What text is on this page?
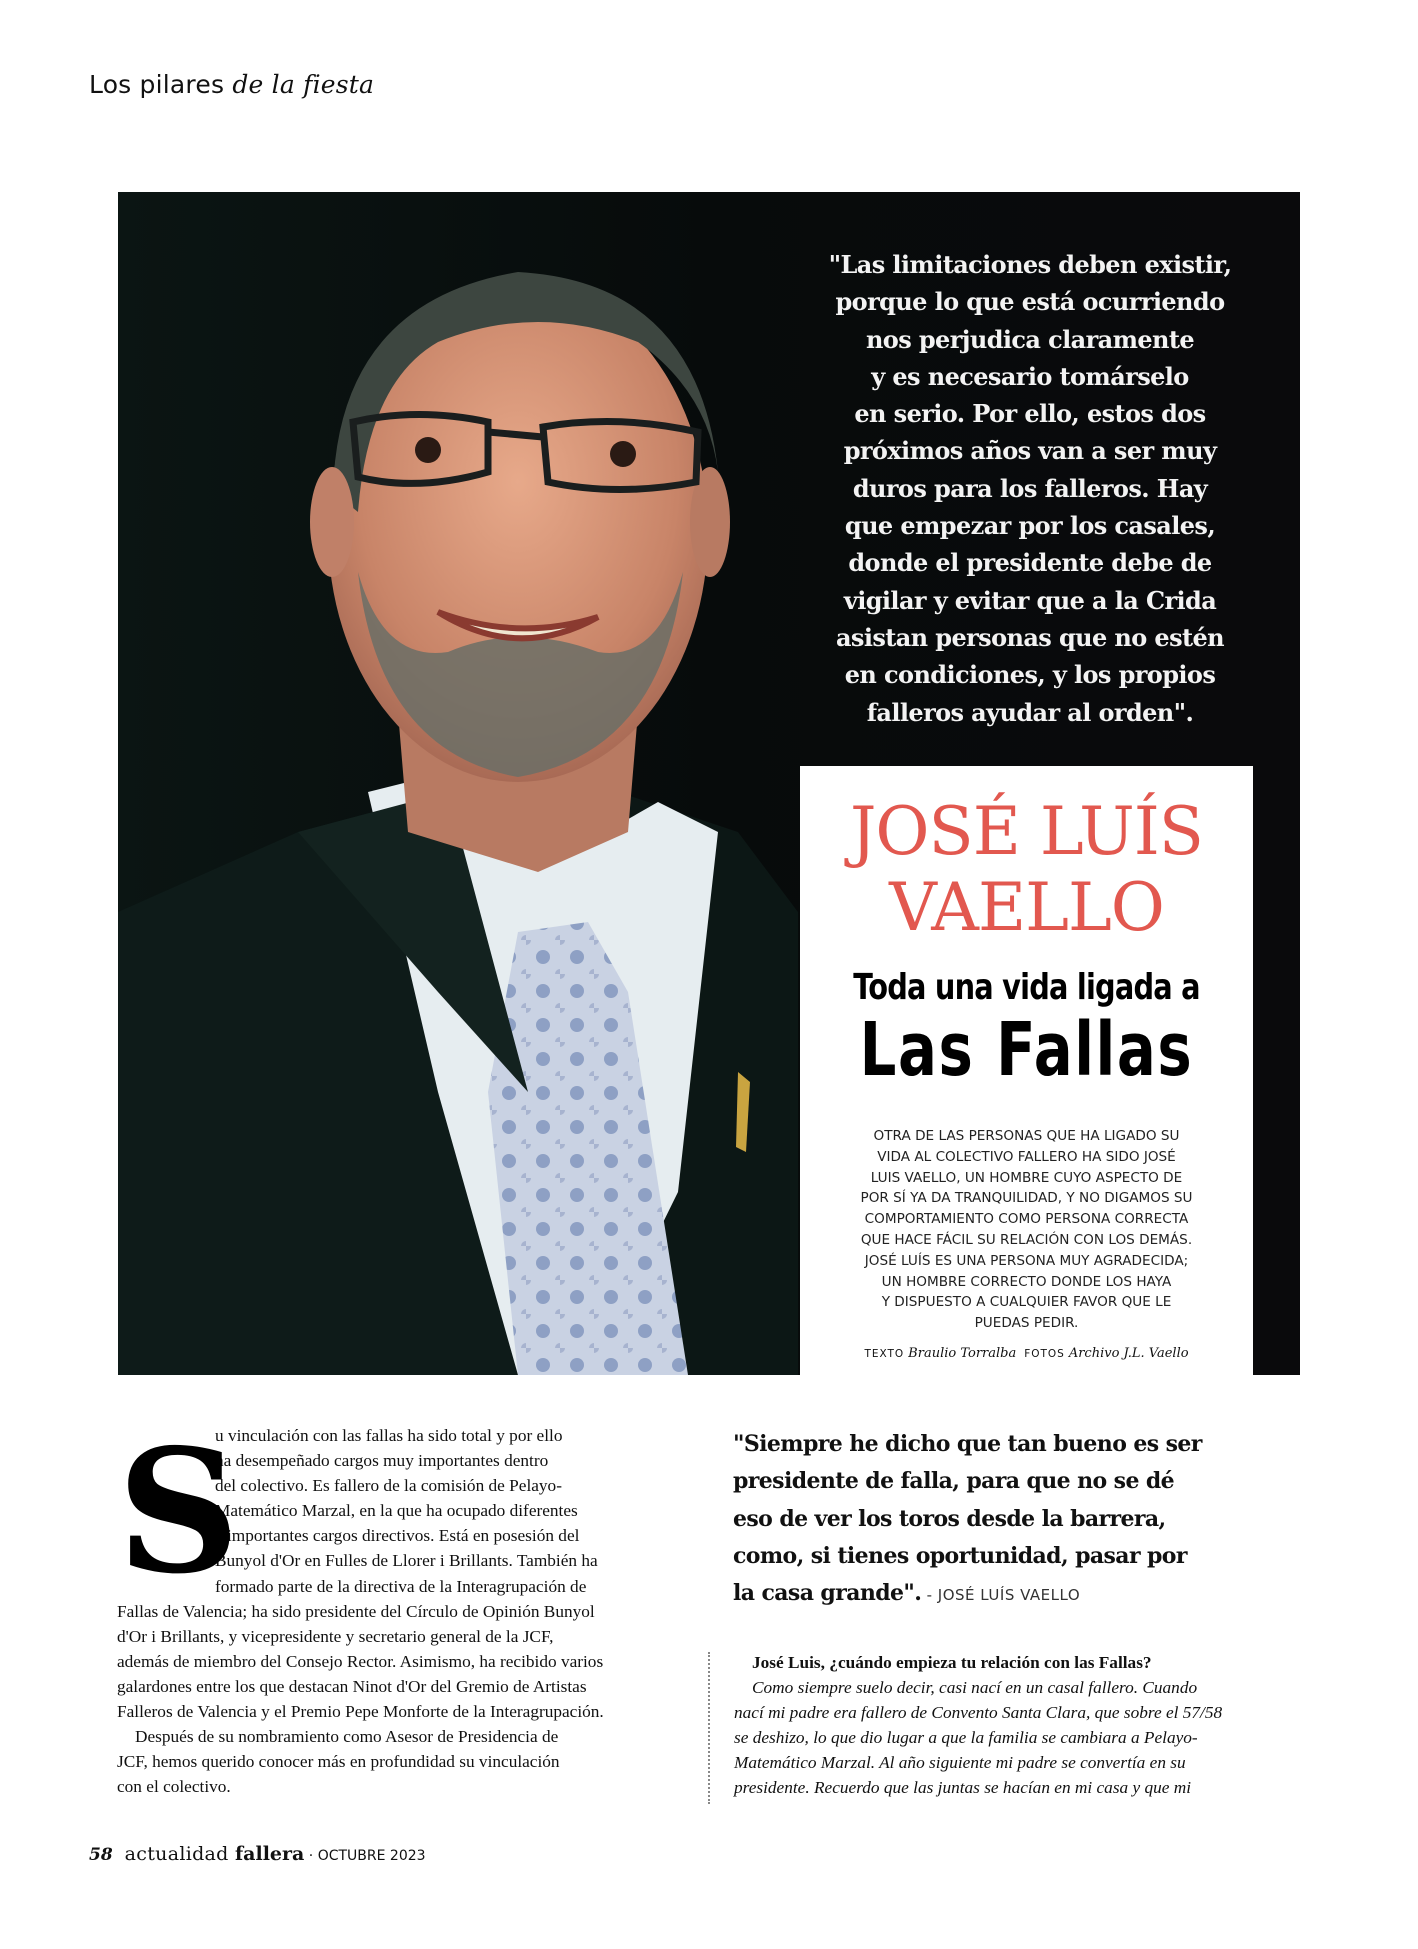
Los pilares de la fiesta
"Las limitaciones deben existir,
porque lo que está ocurriendo
nos perjudica claramente
y es necesario tomárselo
en serio. Por ello, estos dos
próximos años van a ser muy
duros para los falleros. Hay
que empezar por los casales,
donde el presidente debe de
vigilar y evitar que a la Crida
asistan personas que no estén
en condiciones, y los propios
falleros ayudar al orden".
JOSÉ LUÍS
VAELLO
Toda una vida ligada a
Las Fallas
OTRA DE LAS PERSONAS QUE HA LIGADO SU
VIDA AL COLECTIVO FALLERO HA SIDO JOSÉ
LUIS VAELLO, UN HOMBRE CUYO ASPECTO DE
POR SÍ YA DA TRANQUILIDAD, Y NO DIGAMOS SU
COMPORTAMIENTO COMO PERSONA CORRECTA
QUE HACE FÁCIL SU RELACIÓN CON LOS DEMÁS.
JOSÉ LUÍS ES UNA PERSONA MUY AGRADECIDA;
UN HOMBRE CORRECTO DONDE LOS HAYA
Y DISPUESTO A CUALQUIER FAVOR QUE LE
PUEDAS PEDIR.
TEXTO Braulio Torralba FOTOS Archivo J.L. Vaello
S
u vinculación con las fallas ha sido total y por ello
ha desempeñado cargos muy importantes dentro
del colectivo. Es fallero de la comisión de Pelayo-
Matemático Marzal, en la que ha ocupado diferentes
e importantes cargos directivos. Está en posesión del
Bunyol d'Or en Fulles de Llorer i Brillants. También ha
formado parte de la directiva de la Interagrupación de
Fallas de Valencia; ha sido presidente del Círculo de Opinión Bunyol
d'Or i Brillants, y vicepresidente y secretario general de la JCF,
además de miembro del Consejo Rector. Asimismo, ha recibido varios
galardones entre los que destacan Ninot d'Or del Gremio de Artistas
Falleros de Valencia y el Premio Pepe Monforte de la Interagrupación.
Después de su nombramiento como Asesor de Presidencia de
JCF, hemos querido conocer más en profundidad su vinculación
con el colectivo.
"Siempre he dicho que tan bueno es ser
presidente de falla, para que no se dé
eso de ver los toros desde la barrera,
como, si tienes oportunidad, pasar por
la casa grande". - JOSÉ LUÍS VAELLO
José Luis, ¿cuándo empieza tu relación con las Fallas?
Como siempre suelo decir, casi nací en un casal fallero. Cuando
nací mi padre era fallero de Convento Santa Clara, que sobre el 57/58
se deshizo, lo que dio lugar a que la familia se cambiara a Pelayo-
Matemático Marzal. Al año siguiente mi padre se convertía en su
presidente. Recuerdo que las juntas se hacían en mi casa y que mi
58 actualidad fallera · OCTUBRE 2023
